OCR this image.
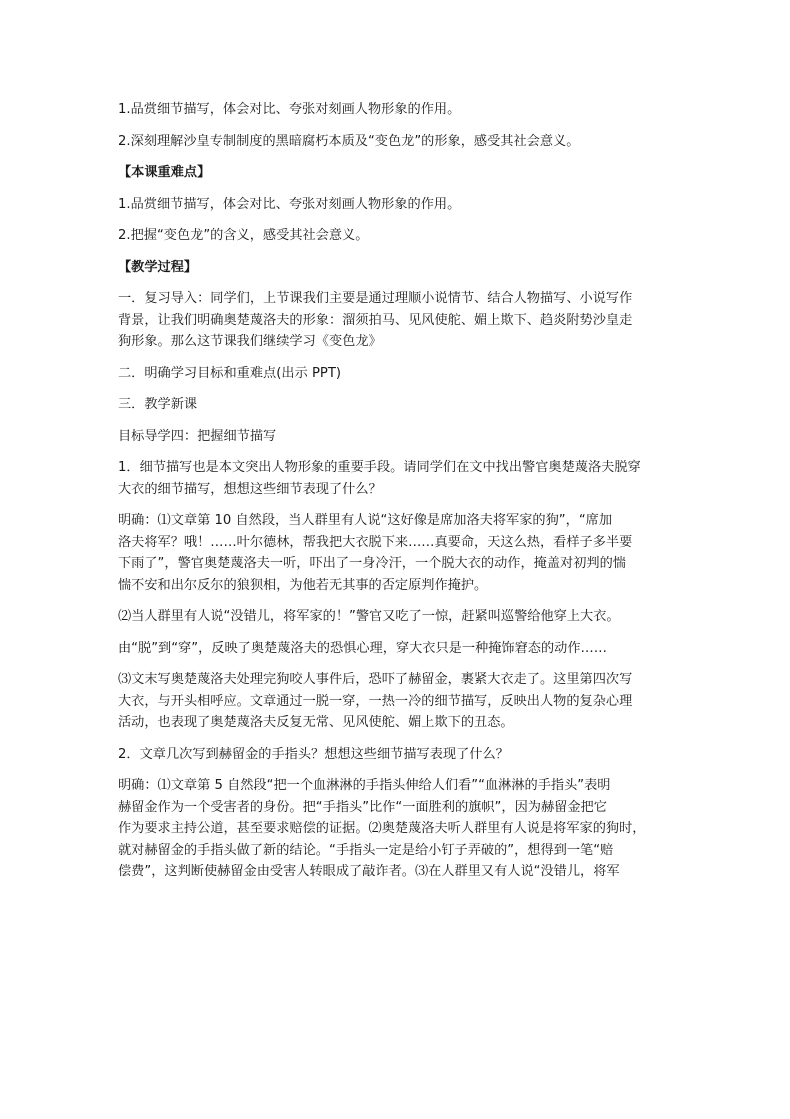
1.品赏细节描写，体会对比、夸张对刻画人物形象的作用。
2.深刻理解沙皇专制制度的黑暗腐朽本质及“变色龙”的形象，感受其社会意义。
【本课重难点】
1.品赏细节描写，体会对比、夸张对刻画人物形象的作用。
2.把握“变色龙”的含义，感受其社会意义。
【教学过程】
一．复习导入：同学们，上节课我们主要是通过理顺小说情节、结合人物描写、小说写作
背景，让我们明确奥楚蔑洛夫的形象：溜须拍马、见风使舵、媚上欺下、趋炎附势沙皇走
狗形象。那么这节课我们继续学习《变色龙》
二．明确学习目标和重难点(出示 PPT)
三．教学新课
目标导学四：把握细节描写
1．细节描写也是本文突出人物形象的重要手段。请同学们在文中找出警官奥楚蔑洛夫脱穿
大衣的细节描写，想想这些细节表现了什么？
明确：⑴文章第 10 自然段，当人群里有人说“这好像是席加洛夫将军家的狗”，“席加
洛夫将军？哦！……叶尔德林，帮我把大衣脱下来……真要命，天这么热，看样子多半要
下雨了”，警官奥楚蔑洛夫一听，吓出了一身冷汗，一个脱大衣的动作，掩盖对初判的惴
惴不安和出尔反尔的狼狈相，为他若无其事的否定原判作掩护。
⑵当人群里有人说“没错儿，将军家的！”警官又吃了一惊，赶紧叫巡警给他穿上大衣。
由“脱”到“穿”，反映了奥楚蔑洛夫的恐惧心理，穿大衣只是一种掩饰窘态的动作……
⑶文末写奥楚蔑洛夫处理完狗咬人事件后，恐吓了赫留金，裹紧大衣走了。这里第四次写
大衣，与开头相呼应。文章通过一脱一穿，一热一冷的细节描写，反映出人物的复杂心理
活动，也表现了奥楚蔑洛夫反复无常、见风使舵、媚上欺下的丑态。
2．文章几次写到赫留金的手指头？想想这些细节描写表现了什么？
明确：⑴文章第 5 自然段“把一个血淋淋的手指头伸给人们看”“血淋淋的手指头”表明
赫留金作为一个受害者的身份。把“手指头”比作“一面胜利的旗帜”，因为赫留金把它
作为要求主持公道，甚至要求赔偿的证据。⑵奥楚蔑洛夫听人群里有人说是将军家的狗时，
就对赫留金的手指头做了新的结论。“手指头一定是给小钉子弄破的”，想得到一笔“赔
偿费”，这判断使赫留金由受害人转眼成了敲诈者。⑶在人群里又有人说“没错儿，将军
